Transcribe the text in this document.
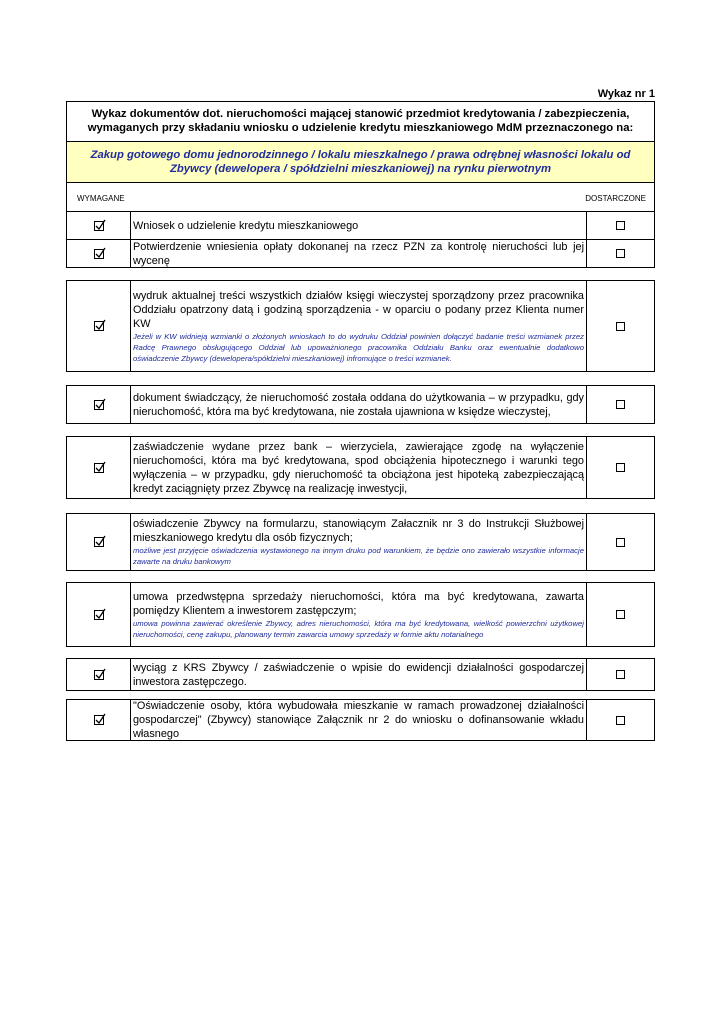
Wykaz nr 1
Wykaz dokumentów dot. nieruchomości mającej stanowić przedmiot kredytowania / zabezpieczenia,
wymaganych przy składaniu wniosku o udzielenie kredytu mieszkaniowego MdM przeznaczonego na:
Zakup gotowego domu jednorodzinnego / lokalu mieszkalnego / prawa odrębnej własności lokalu od
Zbywcy (dewelopera / spółdzielni mieszkaniowej) na rynku pierwotnym
WYMAGANE	DOSTARCZONE
Wniosek o udzielenie kredytu mieszkaniowego
Potwierdzenie wniesienia opłaty dokonanej na rzecz PZN za kontrolę nieruchości lub jej wycenę
wydruk aktualnej treści wszystkich działów księgi wieczystej sporządzony przez pracownika Oddziału opatrzony datą i godziną sporządzenia - w oparciu o podany przez Klienta numer KW
Jeżeli w KW widnieją wzmianki o złożonych wnioskach to do wydruku Oddział powinien dołączyć badanie treści wzmianek przez Radcę Prawnego obsługującego Oddział lub upoważnionego pracownika Oddziału Banku oraz ewentualnie dodatkowo oświadczenie Zbywcy (dewelopera/spółdzielni mieszkaniowej) infromujące o treści wzmianek.
dokument świadczący, że nieruchomość została oddana do użytkowania – w przypadku, gdy nieruchomość, która ma być kredytowana, nie została ujawniona w księdze wieczystej,
zaświadczenie wydane przez bank – wierzyciela, zawierające zgodę na wyłączenie nieruchomości, która ma być kredytowana, spod obciążenia hipotecznego i warunki tego wyłączenia – w przypadku, gdy nieruchomość ta obciążona jest hipoteką zabezpieczającą kredyt zaciągnięty przez Zbywcę na realizację inwestycji,
oświadczenie Zbywcy na formularzu, stanowiącym Załacznik nr 3 do Instrukcji Służbowej mieszkaniowego kredytu dla osób fizycznych;
możliwe jest przyjęcie oświadczenia wystawionego na innym druku pod warunkiem, że będzie ono zawierało wszystkie informacje zawarte na druku bankowym
umowa przedwstępna sprzedaży nieruchomości, która ma być kredytowana, zawarta pomiędzy Klientem a inwestorem zastępczym;
umowa powinna zawierać określenie Zbywcy, adres nieruchomości, która ma być kredytowana, wielkość powierzchni użytkowej nieruchomości, cenę zakupu, planowany termin zawarcia umowy sprzedaży w formie aktu notarialnego
wyciąg z KRS Zbywcy / zaświadczenie o wpisie do ewidencji działalności gospodarczej inwestora zastępczego.
"Oświadczenie osoby, która wybudowała mieszkanie w ramach prowadzonej działalności gospodarczej" (Zbywcy) stanowiące Załącznik nr 2 do wniosku o dofinansowanie wkładu własnego
